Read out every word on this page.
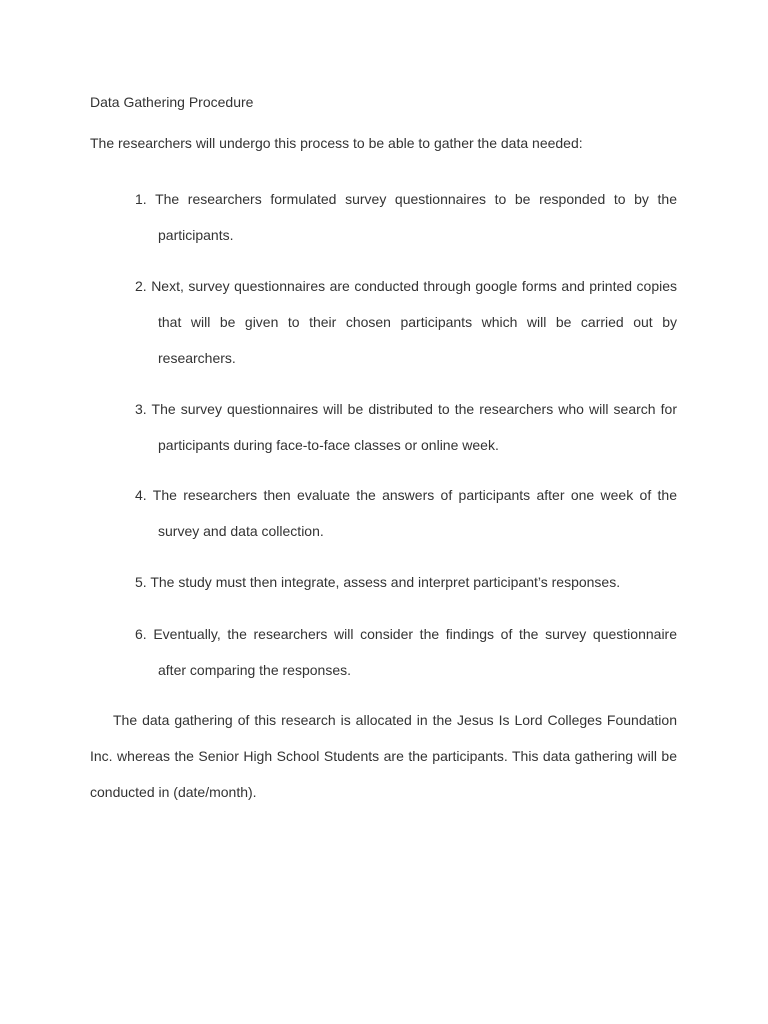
Data Gathering Procedure
The researchers will undergo this process to be able to gather the data needed:
1. The researchers formulated survey questionnaires to be responded to by the participants.
2. Next, survey questionnaires are conducted through google forms and printed copies that will be given to their chosen participants which will be carried out by researchers.
3. The survey questionnaires will be distributed to the researchers who will search for participants during face-to-face classes or online week.
4. The researchers then evaluate the answers of participants after one week of the survey and data collection.
5. The study must then integrate, assess and interpret participant’s responses.
6. Eventually, the researchers will consider the findings of the survey questionnaire after comparing the responses.
The data gathering of this research is allocated in the Jesus Is Lord Colleges Foundation Inc. whereas the Senior High School Students are the participants. This data gathering will be conducted in (date/month).
